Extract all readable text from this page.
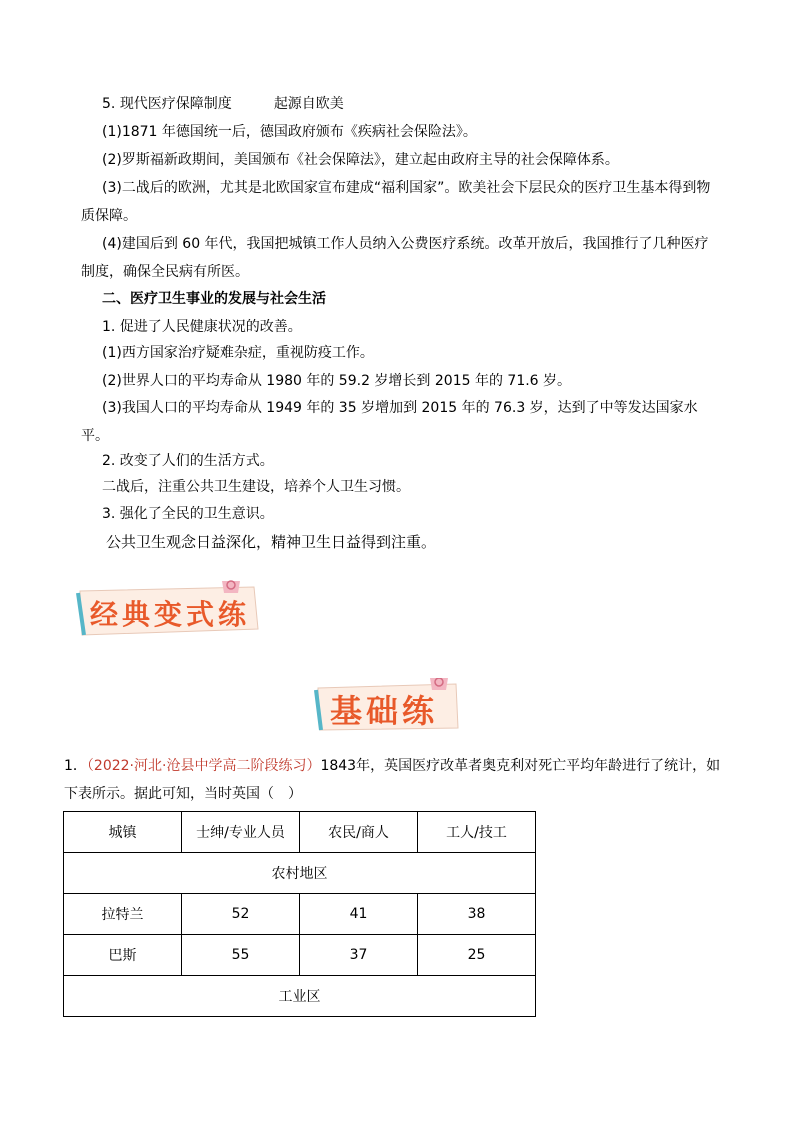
5. 现代医疗保障制度	起源自欧美
(1)1871 年德国统一后，德国政府颁布《疾病社会保险法》。
(2)罗斯福新政期间，美国颁布《社会保障法》，建立起由政府主导的社会保障体系。
(3)二战后的欧洲，尤其是北欧国家宣布建成“福利国家”。欧美社会下层民众的医疗卫生基本得到物质保障。
(4)建国后到 60 年代，我国把城镇工作人员纳入公费医疗系统。改革开放后，我国推行了几种医疗制度，确保全民病有所医。
二、医疗卫生事业的发展与社会生活
1. 促进了人民健康状况的改善。
(1)西方国家治疗疑难杂症，重视防疫工作。
(2)世界人口的平均寿命从 1980 年的 59.2 岁增长到 2015 年的 71.6 岁。
(3)我国人口的平均寿命从 1949 年的 35 岁增加到 2015 年的 76.3 岁，达到了中等发达国家水平。
2. 改变了人们的生活方式。
二战后，注重公共卫生建设，培养个人卫生习惯。
3. 强化了全民的卫生意识。
公共卫生观念日益深化，精神卫生日益得到注重。
经典变式练
基础练
1．（2022·河北·沧县中学高二阶段练习）1843年，英国医疗改革者奥克利对死亡平均年龄进行了统计，如下表所示。据此可知，当时英国（　）
城镇	士绅/专业人员	农民/商人	工人/技工
农村地区			
拉特兰	52	41	38
巴斯	55	37	25
工业区			
